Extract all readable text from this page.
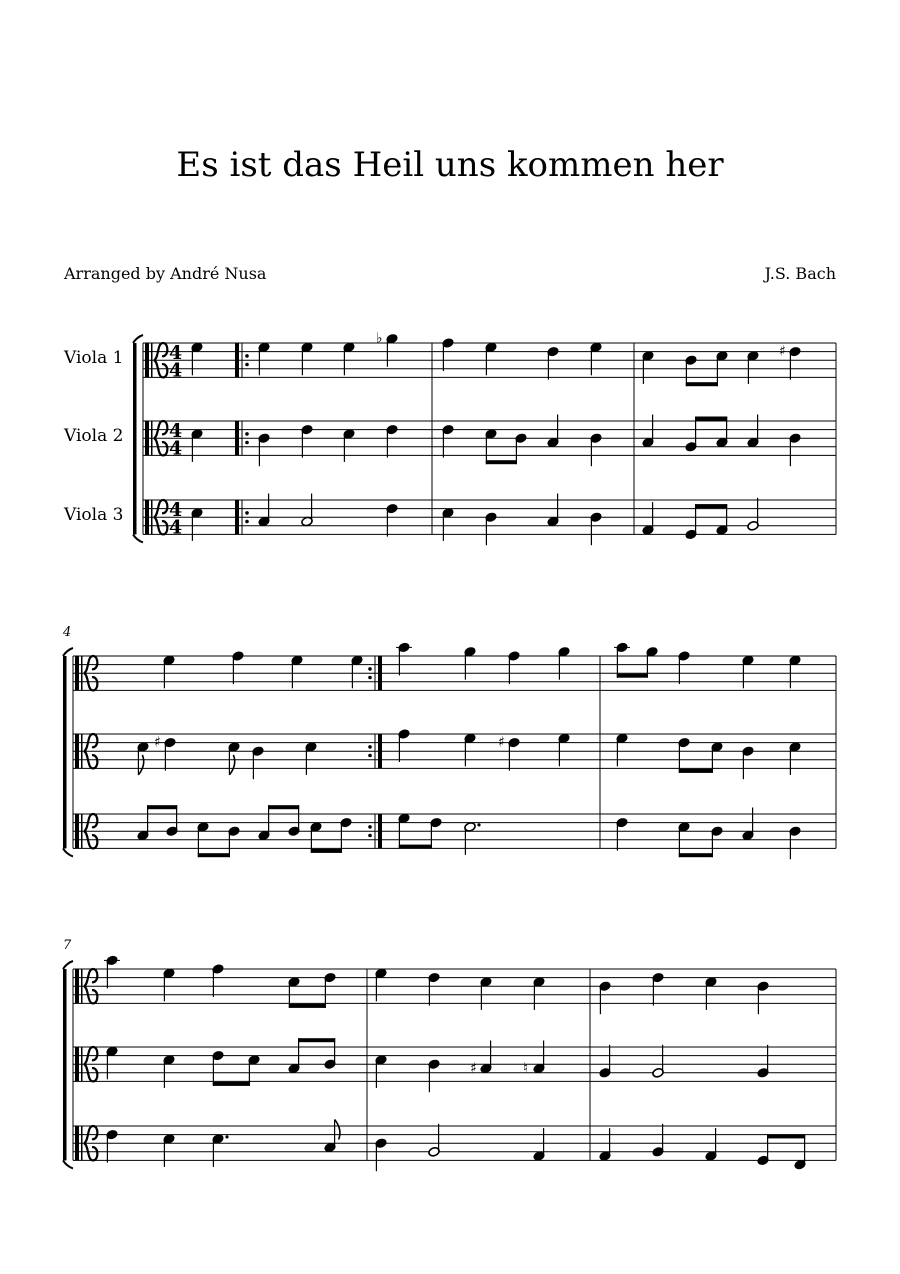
Es ist das Heil uns kommen her
Arranged by André Nusa	J.S. Bach
Viola 1
Viola 2
Viola 3
4
7
4
4
4
4
4
4
♭
♯
♯	♯
♯	♮
